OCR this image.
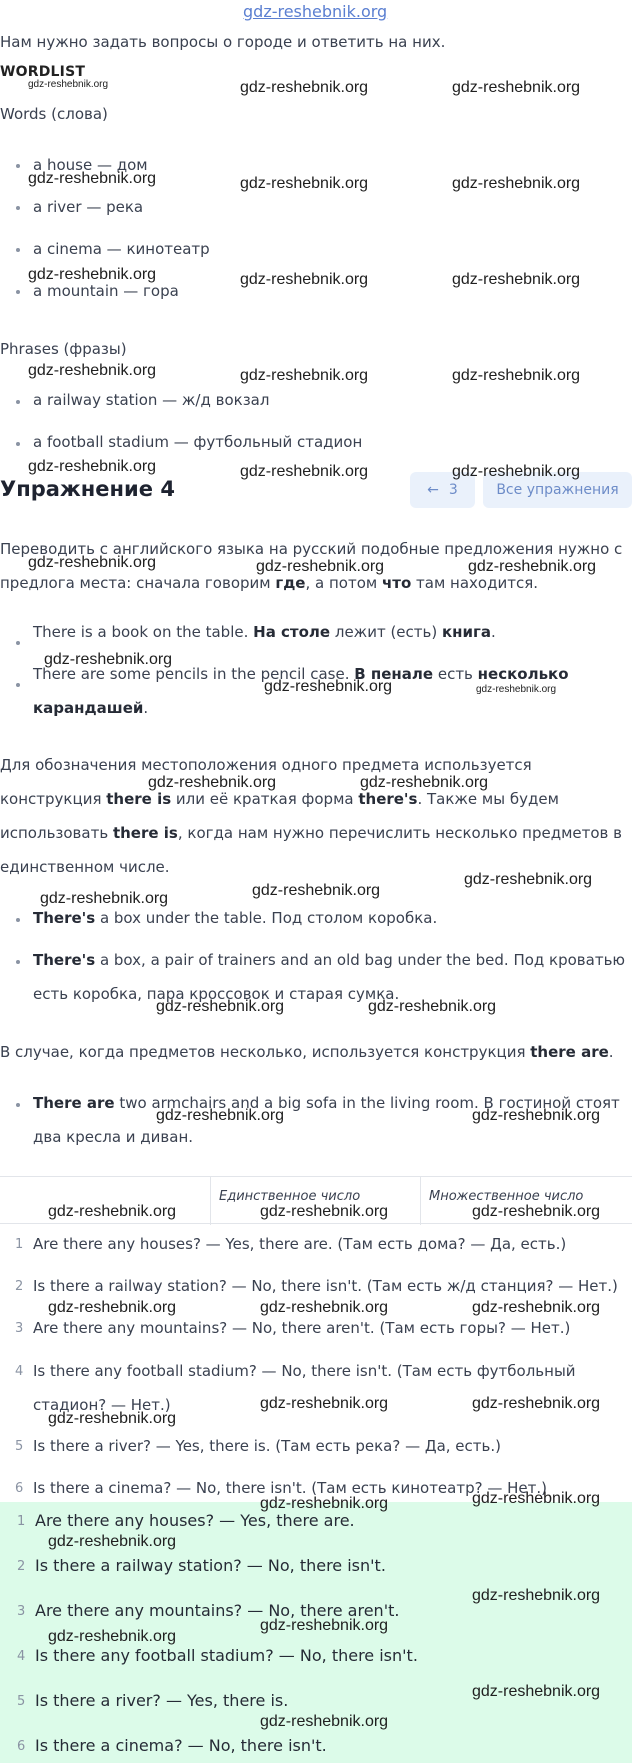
gdz-reshebnik.org
Нам нужно задать вопросы о городе и ответить на них.
WORDLIST
Words (слова)
a house — дом
a river — река
a cinema — кинотеатр
a mountain — гора
Phrases (фразы)
a railway station — ж/д вокзал
a football stadium — футбольный стадион
Упражнение 4	← 3	Все упражнения
Переводить с английского языка на русский подобные предложения нужно с
предлога места: сначала говорим где, а потом что там находится.
There is a book on the table. На столе лежит (есть) книга.
There are some pencils in the pencil case. В пенале есть несколько
карандашей.
Для обозначения местоположения одного предмета используется
конструкция there is или её краткая форма there's. Также мы будем
использовать there is, когда нам нужно перечислить несколько предметов в
единственном числе.
There's a box under the table. Под столом коробка.
There's a box, a pair of trainers and an old bag under the bed. Под кроватью
есть коробка, пара кроссовок и старая сумка.
В случае, когда предметов несколько, используется конструкция there are.
There are two armchairs and a big sofa in the living room. В гостиной стоят
два кресла и диван.
Единственное число	Множественное число
1 Are there any houses? — Yes, there are. (Там есть дома? — Да, есть.)
2 Is there a railway station? — No, there isn't. (Там есть ж/д станция? — Нет.)
3 Are there any mountains? — No, there aren't. (Там есть горы? — Нет.)
4 Is there any football stadium? — No, there isn't. (Там есть футбольный
стадион? — Нет.)
5 Is there a river? — Yes, there is. (Там есть река? — Да, есть.)
6 Is there a cinema? — No, there isn't. (Там есть кинотеатр? — Нет.)
1 Are there any houses? — Yes, there are.
2 Is there a railway station? — No, there isn't.
3 Are there any mountains? — No, there aren't.
4 Is there any football stadium? — No, there isn't.
5 Is there a river? — Yes, there is.
6 Is there a cinema? — No, there isn't.
gdz-reshebnik.org	gdz-reshebnik.org	gdz-reshebnik.org
gdz-reshebnik.org	gdz-reshebnik.org	gdz-reshebnik.org
gdz-reshebnik.org	gdz-reshebnik.org	gdz-reshebnik.org
gdz-reshebnik.org	gdz-reshebnik.org	gdz-reshebnik.org
gdz-reshebnik.org	gdz-reshebnik.org	gdz-reshebnik.org
gdz-reshebnik.org	gdz-reshebnik.org	gdz-reshebnik.org
gdz-reshebnik.org
gdz-reshebnik.org	gdz-reshebnik.org
gdz-reshebnik.org	gdz-reshebnik.org
gdz-reshebnik.org
gdz-reshebnik.org	gdz-reshebnik.org
gdz-reshebnik.org	gdz-reshebnik.org
gdz-reshebnik.org	gdz-reshebnik.org
gdz-reshebnik.org	gdz-reshebnik.org	gdz-reshebnik.org
gdz-reshebnik.org	gdz-reshebnik.org	gdz-reshebnik.org
gdz-reshebnik.org
gdz-reshebnik.org	gdz-reshebnik.org
gdz-reshebnik.org	gdz-reshebnik.org
gdz-reshebnik.org
gdz-reshebnik.org
gdz-reshebnik.org
gdz-reshebnik.org
gdz-reshebnik.org
gdz-reshebnik.org
